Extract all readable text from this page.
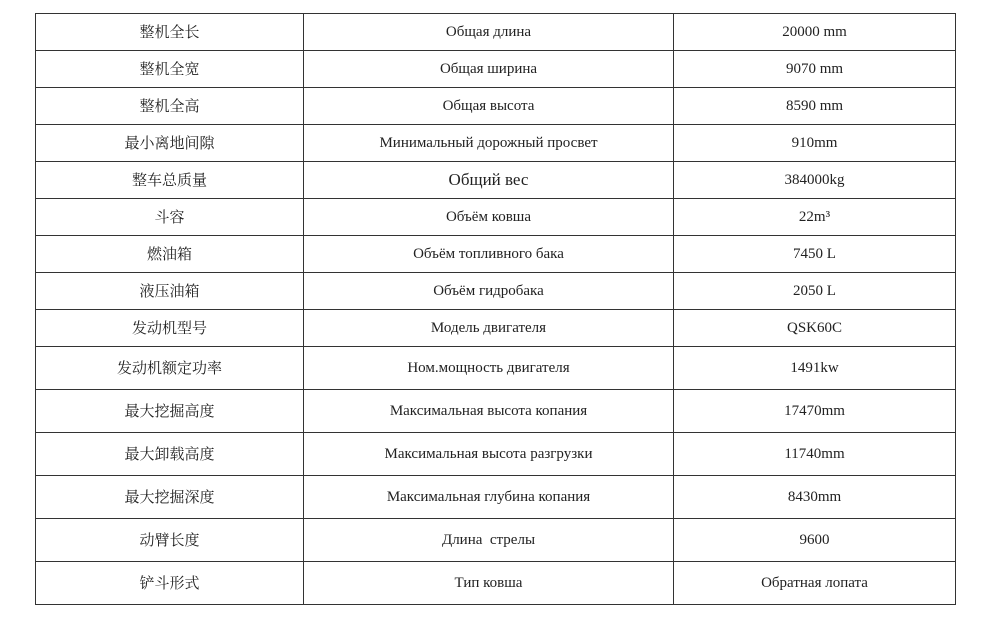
整机全长	Общая длина	20000 mm
整机全宽	Общая ширина	9070 mm
整机全高	Общая высота	8590 mm
最小离地间隙	Минимальный дорожный просвет	910mm
整车总质量	Общий вес	384000kg
斗容	Объём ковша	22m³
燃油箱	Объём топливного бака	7450 L
液压油箱	Объём гидробака	2050 L
发动机型号	Модель двигателя	QSK60C
发动机额定功率	Ном.мощность двигателя	1491kw
最大挖掘高度	Максимальная высота копания	17470mm
最大卸载高度	Максимальная высота разгрузки	11740mm
最大挖掘深度	Максимальная глубина копания	8430mm
动臂长度	Длина  стрелы	9600
铲斗形式	Тип ковша	Обратная лопата
